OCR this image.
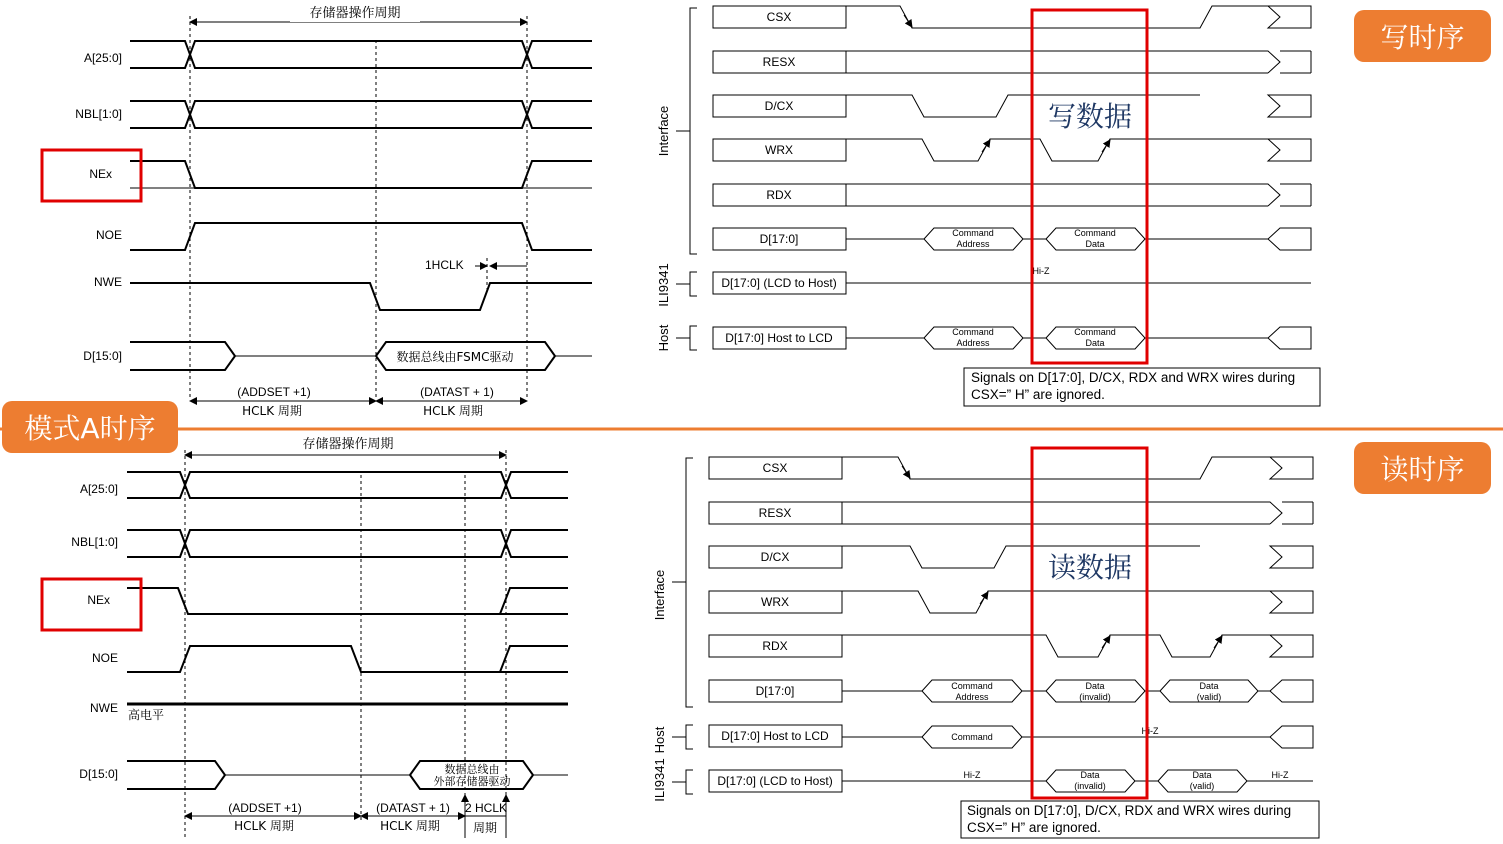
存储器操作周期
A[25:0]
NBL[1:0]
NEx
NOE
NWE
D[15:0]	数据总线由FSMC驱动
1HCLK
(ADDSET +1)
HCLK 周期
(DATAST + 1)
HCLK 周期
存储器操作周期
A[25:0]
NBL[1:0]
NEx
NOE
NWE
D[15:0]
高电平
数据总线由
外部存储器驱动
(ADDSET +1)
HCLK 周期
(DATAST + 1)
HCLK 周期
2 HCLK
周期
Interface
ILI9341
Host
CSX
RESX
D/CX
WRX
RDX
D[17:0]
D[17:0] (LCD to Host)
D[17:0] Host to LCD
Command
Address
Command
Data
Command
Address
Command
Data
Hi-Z
Signals on D[17:0], D/CX, RDX and WRX wires during
CSX=” H” are ignored.
写数据
Interface
Host
ILI9341
CSX
RESX
D/CX
WRX
RDX
D[17:0]
D[17:0] Host to LCD
D[17:0] (LCD to Host)
Command
Address
Data
(invalid)
Data
(valid)
Command
Data
(invalid)
Data
(valid)
Hi-Z
Hi-Z
Hi-Z
Signals on D[17:0], D/CX, RDX and WRX wires during
CSX=” H” are ignored.
读数据
写时序
模式A时序
读时序
